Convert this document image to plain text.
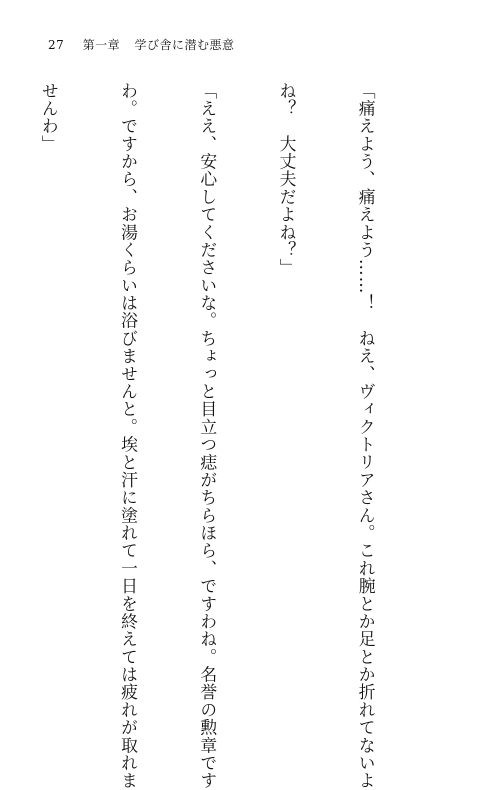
27 第一章 学び舎に潜む悪意

「痛えよう、痛えよう……！　ねえ、ヴィクトリアさん。これ腕とか足とか折れてないよ

ね？　大丈夫だよね？」

「ええ、安心してくださいな。ちょっと目立つ痣がちらほら、ですわね。名誉の勲章です

わ。ですから、お湯くらいは浴びませんと。埃と汗に塗れて一日を終えては疲れが取れま

せんわ」
